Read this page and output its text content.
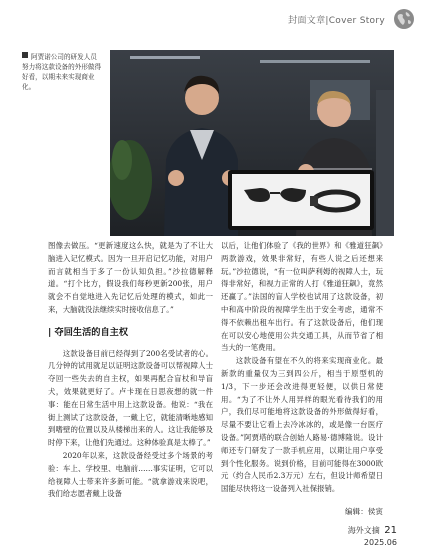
封面文章|Cover Story
阿贾诺公司的研发人员努力将这款设备的外形做得好看，以期未来实现商业化。

图像去做压。“更新速度这么快，就是为了不让大脑进入记忆模式。因为一旦开启记忆功能，对用户而言就相当于多了一份认知负担。”沙拉德解释道。“打个比方，假设我们每秒更新200张，用户就会不自觉地进入先记忆后处理的模式，如此一来，大脑就没法继续实时接收信息了。”

| 夺回生活的自主权

这款设备目前已经得到了200名受试者的心。几分钟的试用就足以证明这款设备可以帮视障人士夺回一些失去的自主权，如果再配合盲杖和导盲犬，效果就更好了。卢卡现在日思夜想的就一件事：能在日常生活中用上这款设备。他说：“我在街上测试了这款设备，一戴上它，就能清晰地感知到嗜壁的位置以及从楼梯出来的人。这让我能够及时停下来，让他们先通过。这种体验真是太棒了。”

2020年以来，这款设备经受过多个场景的考验：车上、学校里、电脑前……事实证明，它可以给视障人士带来许多新可能。“就拿游戏来说吧，我们给志愿者戴上设备

以后，让他们体验了《我的世界》和《雅道狂飙》两款游戏，效果非常好，有些人说之后还想来玩。”沙拉德说，“有一位叫萨利姆的视障人士，玩得非常好，和视力正常的人打《雅道狂飙》，竟然还赢了。”法国的盲人学校也试用了这款设备，初中和高中阶段的视障学生出于安全考虑，通常不得不依赖出租车出行。有了这款设备后，他们现在可以安心地使用公共交通工具，从而节省了相当大的一笔费用。

这款设备有望在不久的将来实现商业化。最新款的重量仅为三到四公斤，相当于原型机的1/3，下一步还会改进得更轻便，以供日常使用。“为了不让外人用异样的眼光看待我们的用户，我们尽可能地将这款设备的外形做得好看，尽量不要让它看上去冷冰冰的，或是像一台医疗设备。”阿贾塔的联合创始人路易·德博隆说。设计师还专门研发了一款手机应用，以期让用户享受到个性化服务。说到价格，目前可能得在3000欧元（约合人民币2.3万元）左右，但设计师希望日国能尽快将这一设备列入社保报销。

编辑：侯寅
海外文摘 21
2025.06
